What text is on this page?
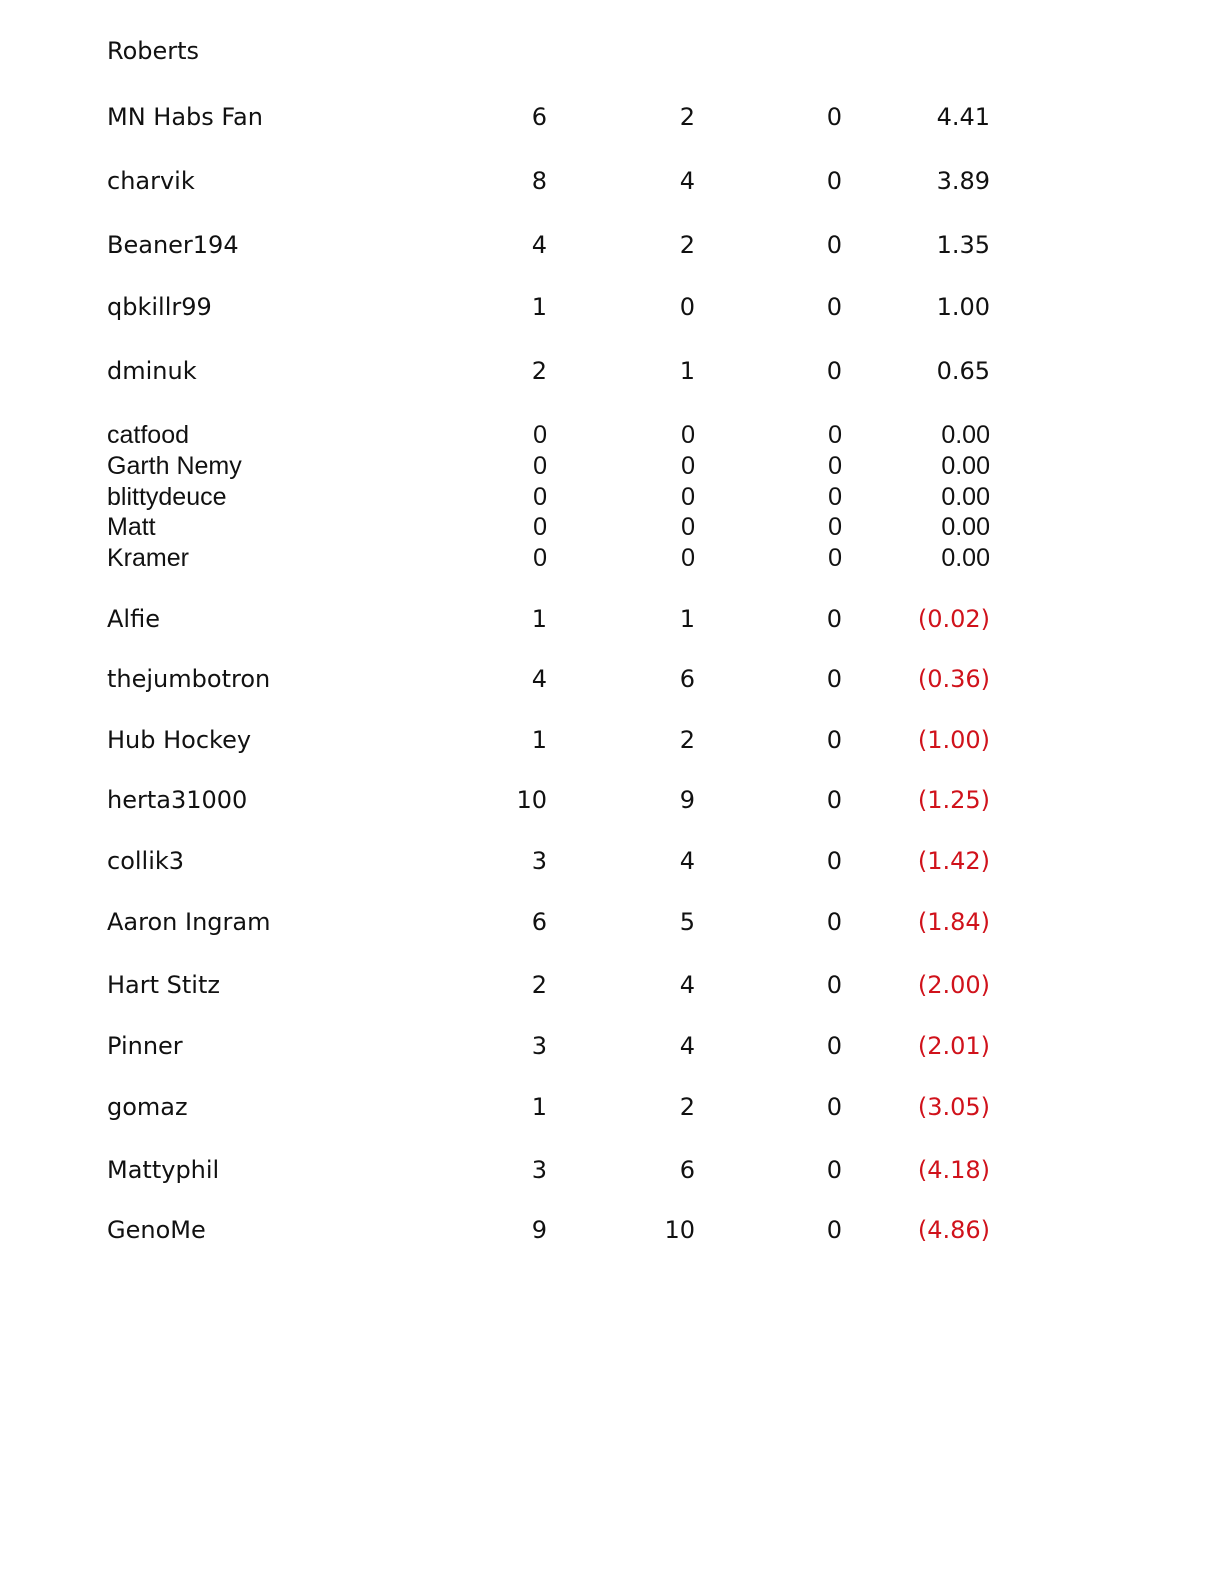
Roberts
MN Habs Fan	6	2	0	4.41
charvik	8	4	0	3.89
Beaner194	4	2	0	1.35
qbkillr99	1	0	0	1.00
dminuk	2	1	0	0.65
catfood	0	0	0	0.00
Garth Nemy	0	0	0	0.00
blittydeuce	0	0	0	0.00
Matt	0	0	0	0.00
Kramer	0	0	0	0.00
Alfie	1	1	0	(0.02)
thejumbotron	4	6	0	(0.36)
Hub Hockey	1	2	0	(1.00)
herta31000	10	9	0	(1.25)
collik3	3	4	0	(1.42)
Aaron Ingram	6	5	0	(1.84)
Hart Stitz	2	4	0	(2.00)
Pinner	3	4	0	(2.01)
gomaz	1	2	0	(3.05)
Mattyphil	3	6	0	(4.18)
GenoMe	9	10	0	(4.86)
